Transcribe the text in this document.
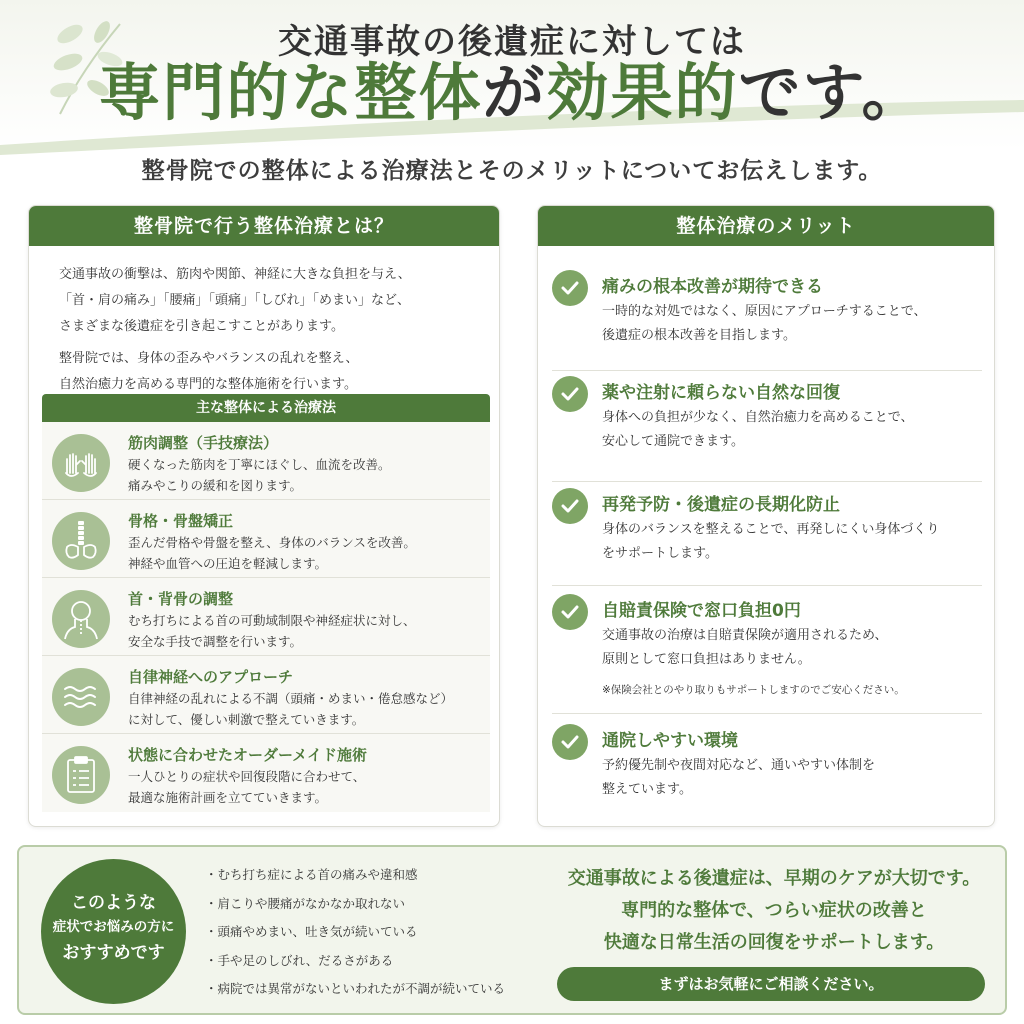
交通事故の後遺症に対しては
専門的な整体が効果的です。
整骨院での整体による治療法とそのメリットについてお伝えします。
整骨院で行う整体治療とは？

交通事故の衝撃は、筋肉や関節、神経に大きな負担を与え、
「首・肩の痛み」「腰痛」「頭痛」「しびれ」「めまい」など、
さまざまな後遺症を引き起こすことがあります。

整骨院では、身体の歪みやバランスの乱れを整え、
自然治癒力を高める専門的な整体施術を行います。

主な整体による治療法
筋肉調整（手技療法）
硬くなった筋肉を丁寧にほぐし、血流を改善。
痛みやこりの緩和を図ります。
骨格・骨盤矯正
歪んだ骨格や骨盤を整え、身体のバランスを改善。
神経や血管への圧迫を軽減します。
首・背骨の調整
むち打ちによる首の可動域制限や神経症状に対し、
安全な手技で調整を行います。
自律神経へのアプローチ
自律神経の乱れによる不調（頭痛・めまい・倦怠感など）
に対して、優しい刺激で整えていきます。
状態に合わせたオーダーメイド施術
一人ひとりの症状や回復段階に合わせて、
最適な施術計画を立てていきます。
整体治療のメリット
痛みの根本改善が期待できる
一時的な対処ではなく、原因にアプローチすることで、
後遺症の根本改善を目指します。
薬や注射に頼らない自然な回復
身体への負担が少なく、自然治癒力を高めることで、
安心して通院できます。
再発予防・後遺症の長期化防止
身体のバランスを整えることで、再発しにくい身体づくり
をサポートします。
自賠責保険で窓口負担0円
交通事故の治療は自賠責保険が適用されるため、
原則として窓口負担はありません。
※保険会社とのやり取りもサポートしますのでご安心ください。
通院しやすい環境
予約優先制や夜間対応など、通いやすい体制を
整えています。
このような
症状でお悩みの方に
おすすめです
・ むち打ち症による首の痛みや違和感
・ 肩こりや腰痛がなかなか取れない
・ 頭痛やめまい、吐き気が続いている
・ 手や足のしびれ、だるさがある
・ 病院では異常がないといわれたが不調が続いている
交通事故による後遺症は、早期のケアが大切です。
専門的な整体で、つらい症状の改善と
快適な日常生活の回復をサポートします。
まずはお気軽にご相談ください。
